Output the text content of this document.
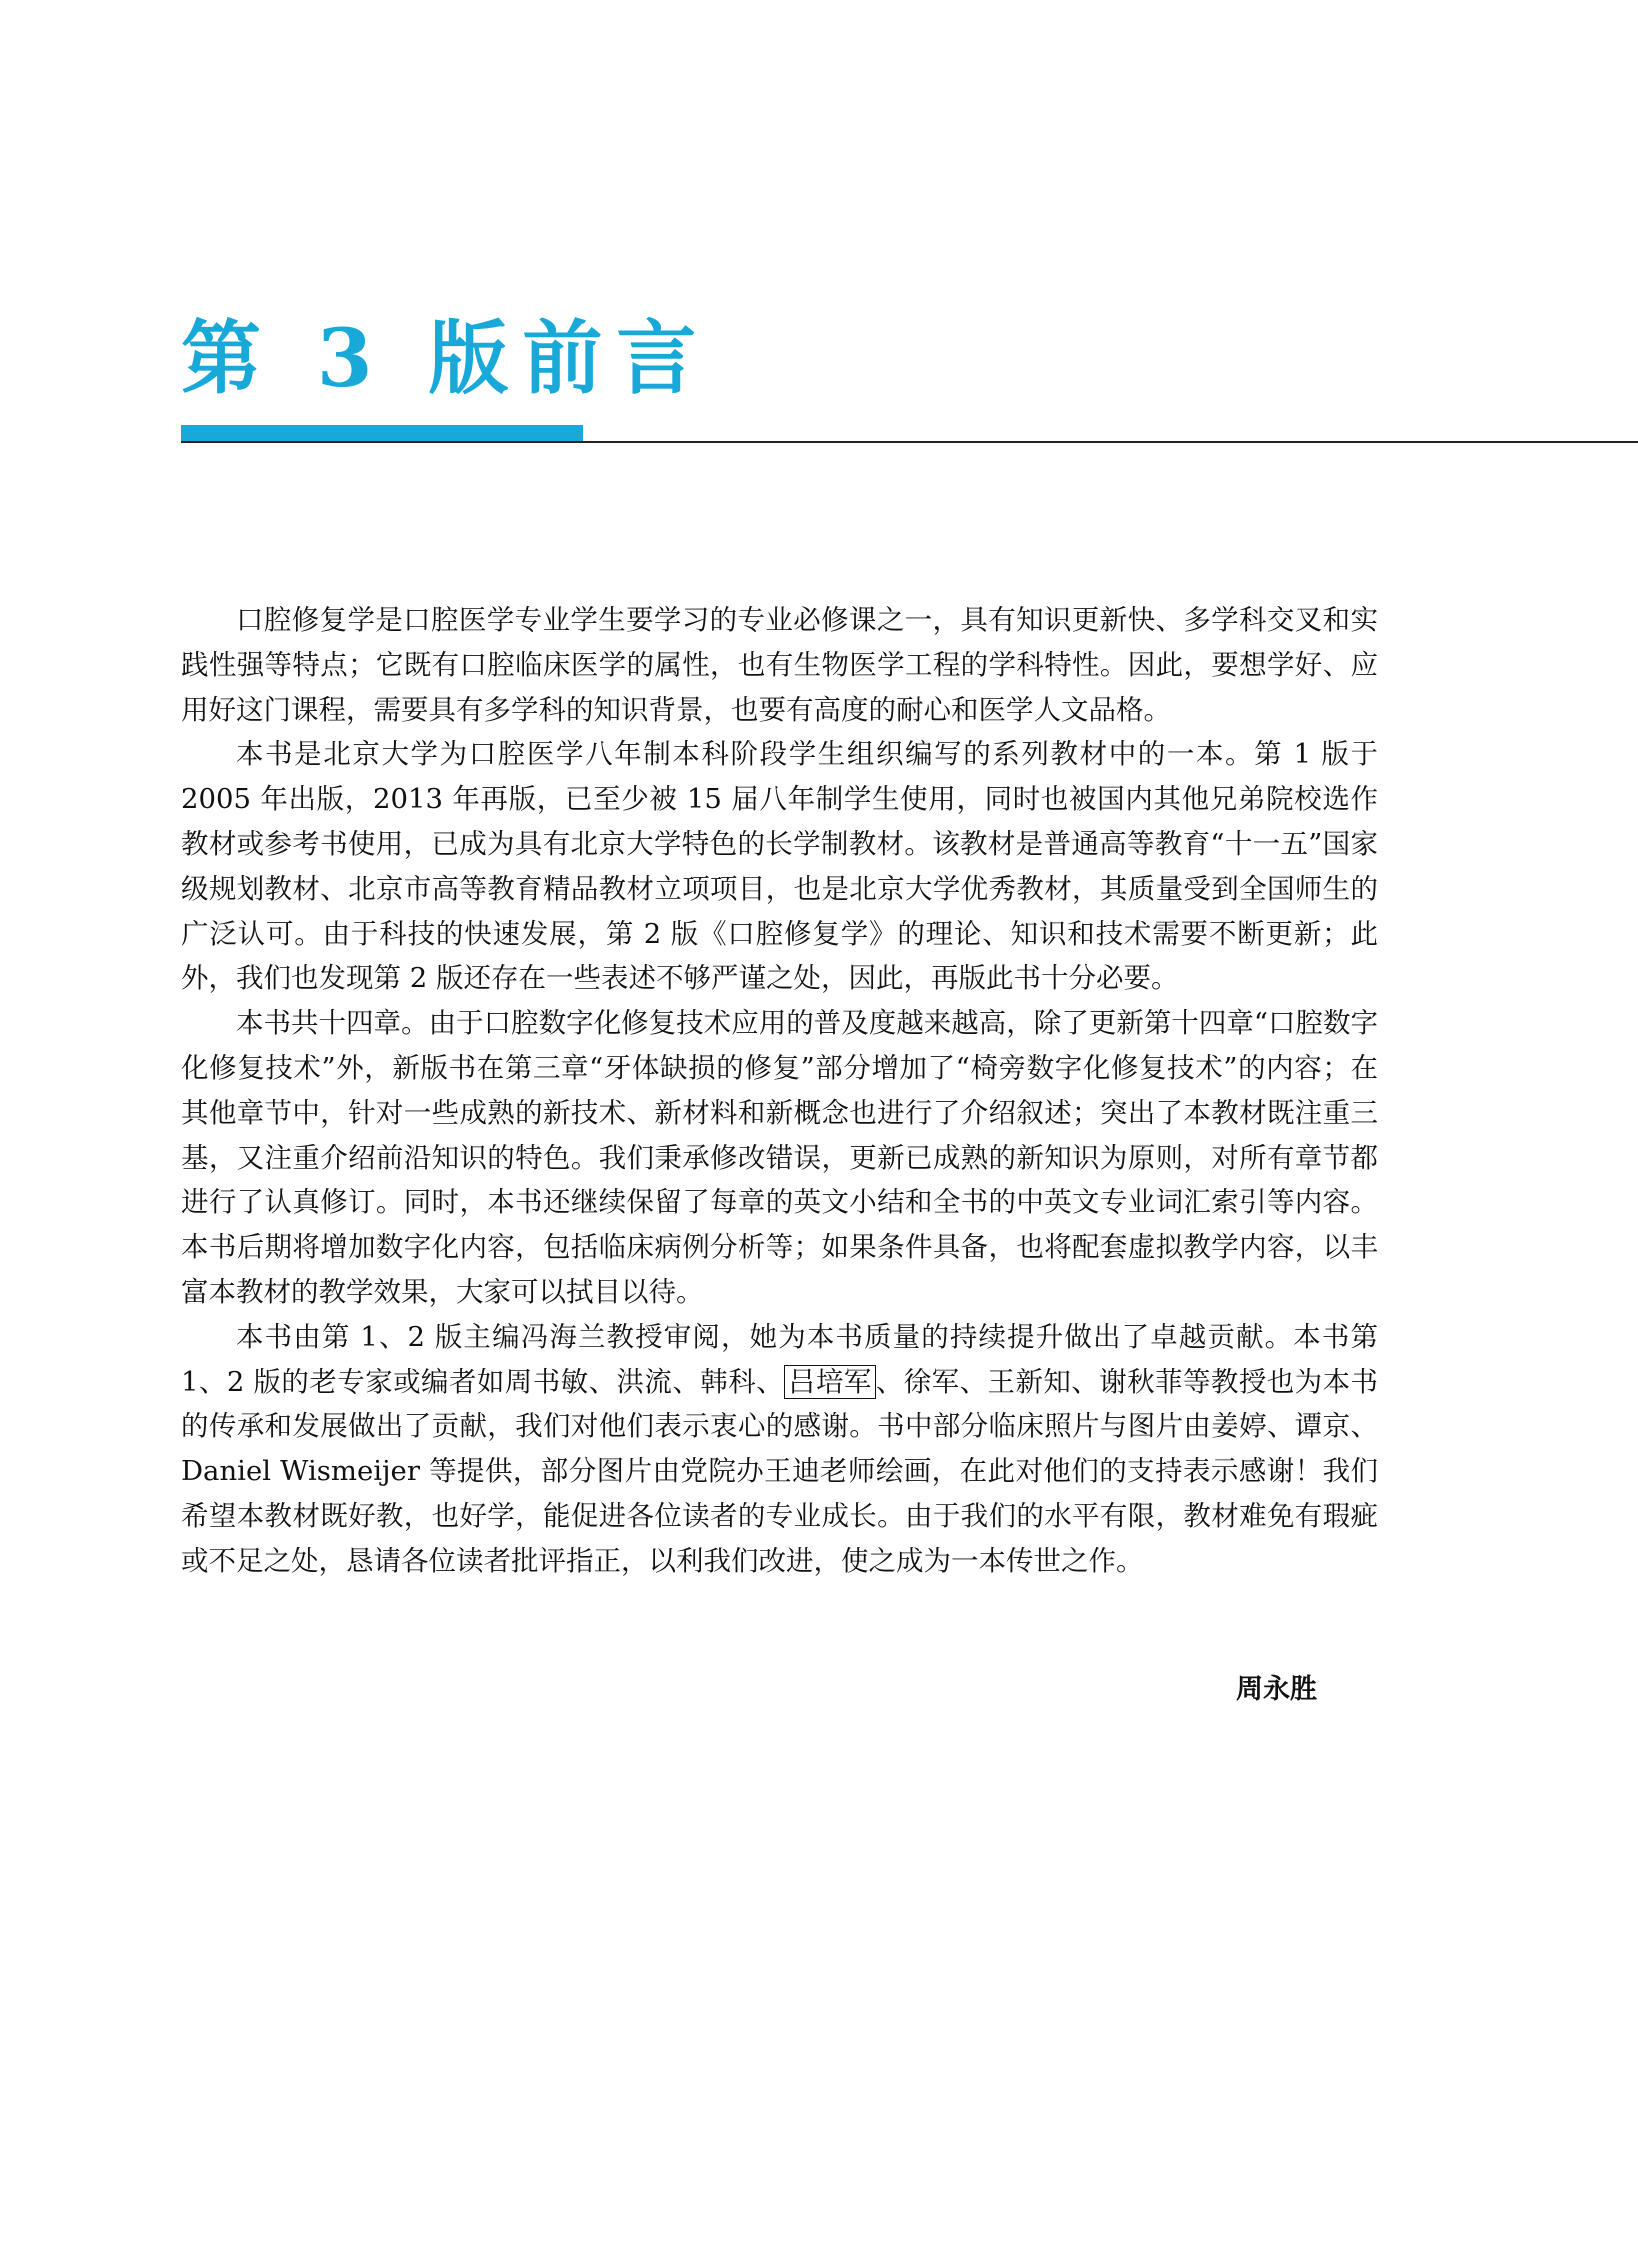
第 3 版前言

口腔修复学是口腔医学专业学生要学习的专业必修课之一，具有知识更新快、多学科交叉和实践性强等特点；它既有口腔临床医学的属性，也有生物医学工程的学科特性。因此，要想学好、应用好这门课程，需要具有多学科的知识背景，也要有高度的耐心和医学人文品格。

本书是北京大学为口腔医学八年制本科阶段学生组织编写的系列教材中的一本。第 1 版于 2005 年出版，2013 年再版，已至少被 15 届八年制学生使用，同时也被国内其他兄弟院校选作教材或参考书使用，已成为具有北京大学特色的长学制教材。该教材是普通高等教育“十一五”国家级规划教材、北京市高等教育精品教材立项项目，也是北京大学优秀教材，其质量受到全国师生的广泛认可。由于科技的快速发展，第 2 版《口腔修复学》的理论、知识和技术需要不断更新；此外，我们也发现第 2 版还存在一些表述不够严谨之处，因此，再版此书十分必要。

本书共十四章。由于口腔数字化修复技术应用的普及度越来越高，除了更新第十四章“口腔数字化修复技术”外，新版书在第三章“牙体缺损的修复”部分增加了“椅旁数字化修复技术”的内容；在其他章节中，针对一些成熟的新技术、新材料和新概念也进行了介绍叙述；突出了本教材既注重三基，又注重介绍前沿知识的特色。我们秉承修改错误，更新已成熟的新知识为原则，对所有章节都进行了认真修订。同时，本书还继续保留了每章的英文小结和全书的中英文专业词汇索引等内容。本书后期将增加数字化内容，包括临床病例分析等；如果条件具备，也将配套虚拟教学内容，以丰富本教材的教学效果，大家可以拭目以待。

本书由第 1、2 版主编冯海兰教授审阅，她为本书质量的持续提升做出了卓越贡献。本书第 1、2 版的老专家或编者如周书敏、洪流、韩科、 吕培军 、徐军、王新知、谢秋菲等教授也为本书的传承和发展做出了贡献，我们对他们表示衷心的感谢。书中部分临床照片与图片由姜婷、谭京、Daniel Wismeijer 等提供，部分图片由党院办王迪老师绘画，在此对他们的支持表示感谢！我们希望本教材既好教，也好学，能促进各位读者的专业成长。由于我们的水平有限，教材难免有瑕疵或不足之处，恳请各位读者批评指正，以利我们改进，使之成为一本传世之作。

周永胜
